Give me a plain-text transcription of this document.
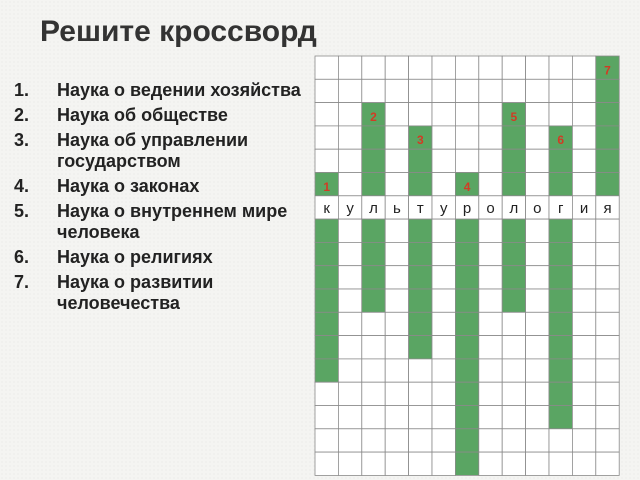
Решите кроссворд
1. Наука о ведении хозяйства
2. Наука об обществе
3. Наука об управлении государством
4. Наука о законах
5. Наука о внутреннем мире человека
6. Наука о религиях
7. Наука о развитии человечества
1
2
3
4
5
6
7
к у л ь т у р о л о г и я
